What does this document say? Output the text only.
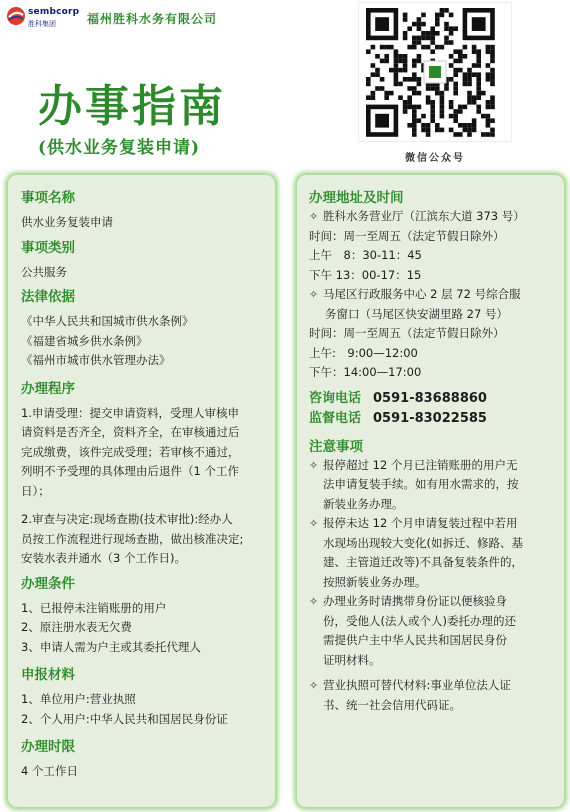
sembcorp
胜科集团	福州胜科水务有限公司
办事指南
(供水业务复装申请)
微信公众号

事项名称

供水业务复装申请

事项类别

公共服务

法律依据

《中华人民共和国城市供水条例》

《福建省城乡供水条例》

《福州市城市供水管理办法》

办理程序

1.申请受理：提交申请资料，受理人审核申

请资料是否齐全，资料齐全，在审核通过后

完成缴费，该件完成受理；若审核不通过，

列明不予受理的具体理由后退件（1 个工作

日）；

2.审查与决定:现场查勘(技术审批):经办人

员按工作流程进行现场查勘，做出核准决定;

安装水表并通水（3 个工作日)。

办理条件

1、已报停未注销账册的用户

2、原注册水表无欠费

3、申请人需为户主或其委托代理人

申报材料

1、单位用户:营业执照

2、个人用户:中华人民共和国居民身份证

办理时限

4 个工作日

办理地址及时间

✧ 胜科水务营业厅（江滨东大道 373 号）

时间：周一至周五（法定节假日除外）

上午　8：30-11：45

下午 13：00-17：15

✧ 马尾区行政服务中心 2 层 72 号综合服

务窗口（马尾区快安湖里路 27 号）

时间：周一至周五（法定节假日除外）

上午:　9:00—12:00

下午：14:00—17:00

咨询电话 0591-83688860
监督电话 0591-83022585

注意事项

✧ 报停超过 12 个月已注销账册的用户无

法申请复装手续。如有用水需求的，按

新装业务办理。

✧ 报停未达 12 个月申请复装过程中若用

水现场出现较大变化(如拆迁、修路、基

建、主管道迁改等)不具备复装条件的，

按照新装业务办理。

✧ 办理业务时请携带身份证以便核验身

份，受他人(法人或个人)委托办理的还

需提供户主中华人民共和国居民身份

证明材料。

✧ 营业执照可替代材料:事业单位法人证

书、统一社会信用代码证。
